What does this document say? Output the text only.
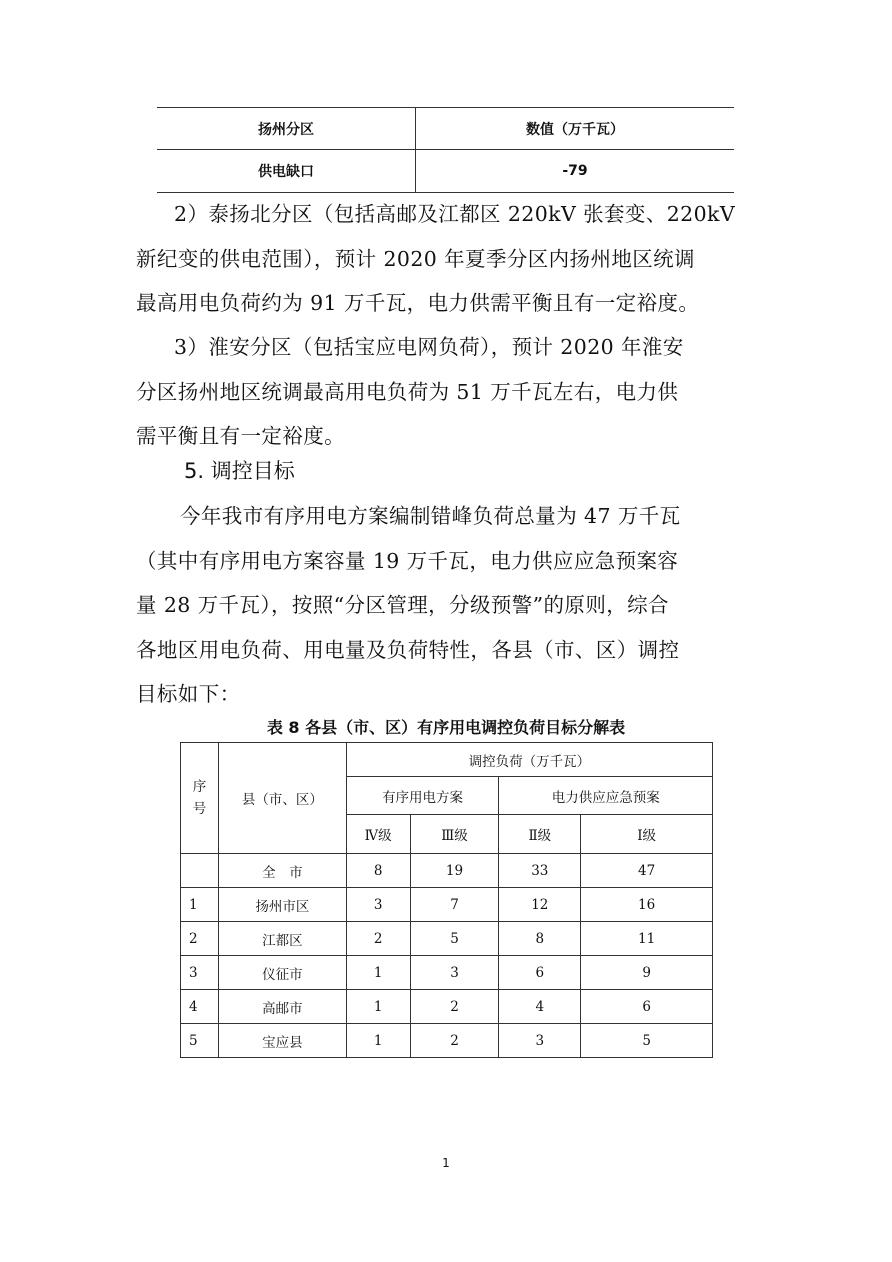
扬州分区	数值（万千瓦）
供电缺口	-79
2）泰扬北分区（包括高邮及江都区 220kV 张套变、220kV
新纪变的供电范围），预计 2020 年夏季分区内扬州地区统调
最高用电负荷约为 91 万千瓦，电力供需平衡且有一定裕度。
3）淮安分区（包括宝应电网负荷），预计 2020 年淮安
分区扬州地区统调最高用电负荷为 51 万千瓦左右，电力供
需平衡且有一定裕度。
5. 调控目标
今年我市有序用电方案编制错峰负荷总量为 47 万千瓦
（其中有序用电方案容量 19 万千瓦，电力供应应急预案容
量 28 万千瓦），按照“分区管理，分级预警”的原则，综合
各地区用电负荷、用电量及负荷特性，各县（市、区）调控
目标如下：
表 8 各县（市、区）有序用电调控负荷目标分解表
序
号	县（市、区）	调控负荷（万千瓦）			
		有序用电方案		电力供应应急预案	
		Ⅳ级	Ⅲ级	Ⅱ级	Ⅰ级
	全　市	8	19	33	47
1	扬州市区	3	7	12	16
2	江都区	2	5	8	11
3	仪征市	1	3	6	9
4	高邮市	1	2	4	6
5	宝应县	1	2	3	5
1
